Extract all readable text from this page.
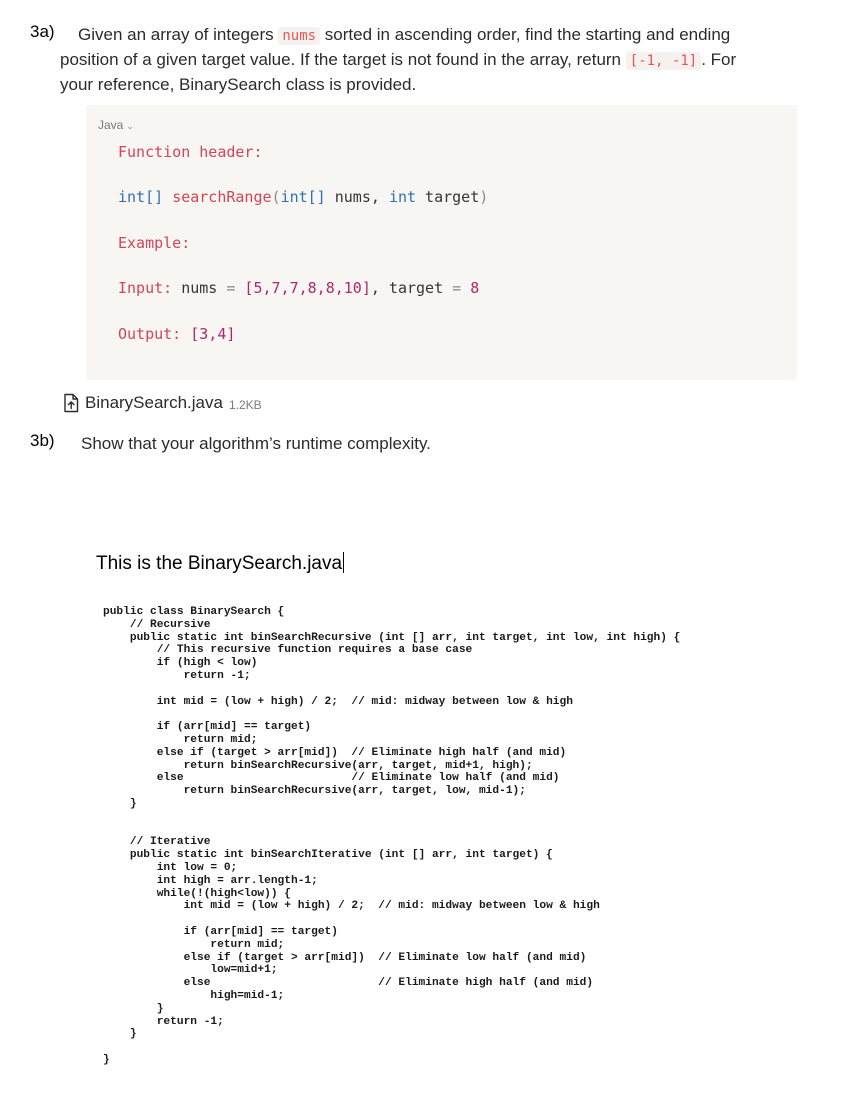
3a) Given an array of integers nums sorted in ascending order, find the starting and ending
position of a given target value. If the target is not found in the array, return [-1, -1] . For
your reference, BinarySearch class is provided.
Java ⌄
Function header:
int[] searchRange(int[] nums, int target)
Example:
Input: nums = [5,7,7,8,8,10], target = 8
Output: [3,4]
BinarySearch.java 1.2KB
3b) Show that your algorithm’s runtime complexity.
This is the BinarySearch.java
public class BinarySearch {
// Recursive
public static int binSearchRecursive (int [] arr, int target, int low, int high) {
// This recursive function requires a base case
if (high < low)
return -1;

int mid = (low + high) / 2;  // mid: midway between low & high

if (arr[mid] == target)
return mid;
else if (target > arr[mid])  // Eliminate high half (and mid)
return binSearchRecursive(arr, target, mid+1, high);
else                         // Eliminate low half (and mid)
return binSearchRecursive(arr, target, low, mid-1);
}

// Iterative
public static int binSearchIterative (int [] arr, int target) {
int low = 0;
int high = arr.length-1;
while(!(high<low)) {
int mid = (low + high) / 2;  // mid: midway between low & high

if (arr[mid] == target)
return mid;
else if (target > arr[mid])  // Eliminate low half (and mid)
low=mid+1;
else                         // Eliminate high half (and mid)
high=mid-1;
}
return -1;
}

}
